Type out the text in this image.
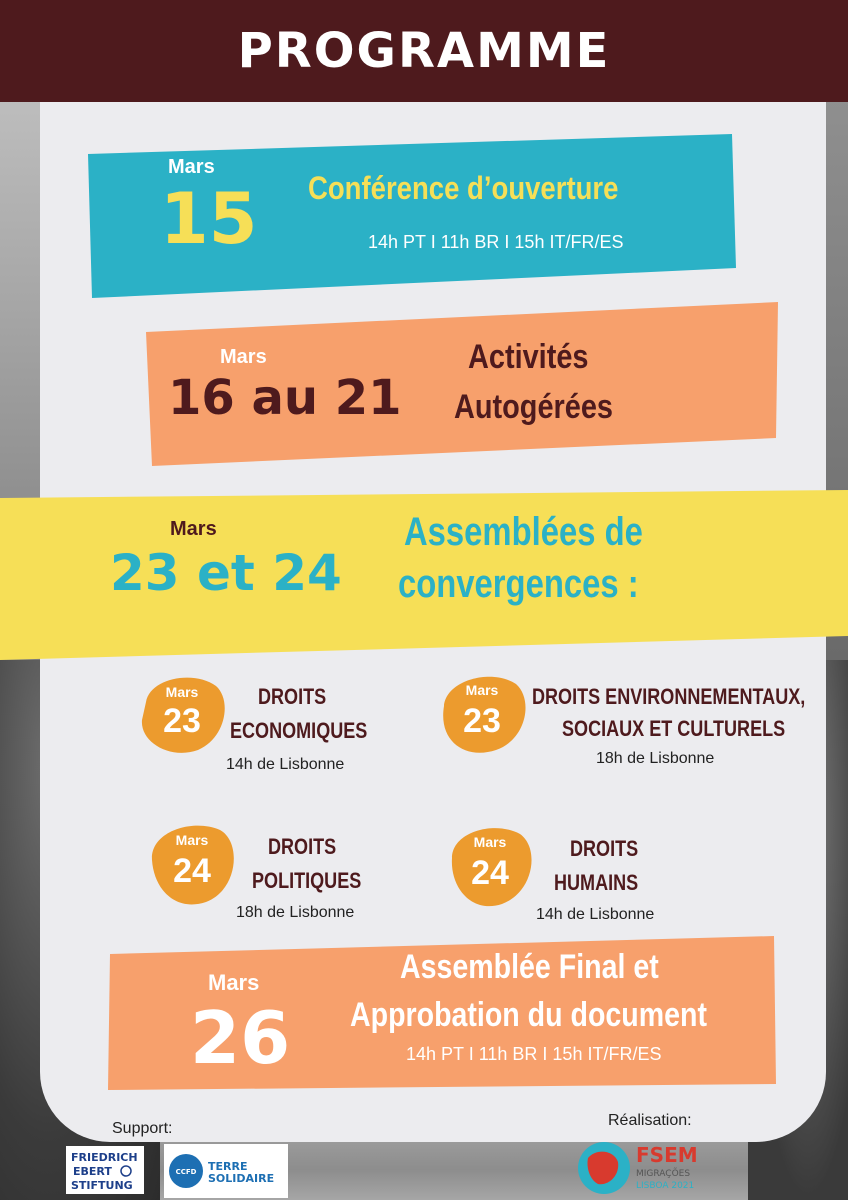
PROGRAMME
Mars
15 Conférence d’ouverture
14h PT I 11h BR I 15h IT/FR/ES
Mars
16 au 21
Activités
Autogérées
Mars
23 et 24
Assemblées de
convergences :
Mars
23
DROITS
ECONOMIQUES
14h de Lisbonne
Mars
23
DROITS ENVIRONNEMENTAUX,
SOCIAUX ET CULTURELS
18h de Lisbonne
Mars
24
DROITS
POLITIQUES
18h de Lisbonne
Mars
24
DROITS
HUMAINS
14h de Lisbonne
Mars
26
Assemblée Final et
Approbation du document
14h PT I 11h BR I 15h IT/FR/ES
Support:	Réalisation:
FRIEDRICH
EBERT
STIFTUNG
CCFD TERRE
SOLIDAIRE
FSEM
MIGRAÇÕES
LISBOA 2021
